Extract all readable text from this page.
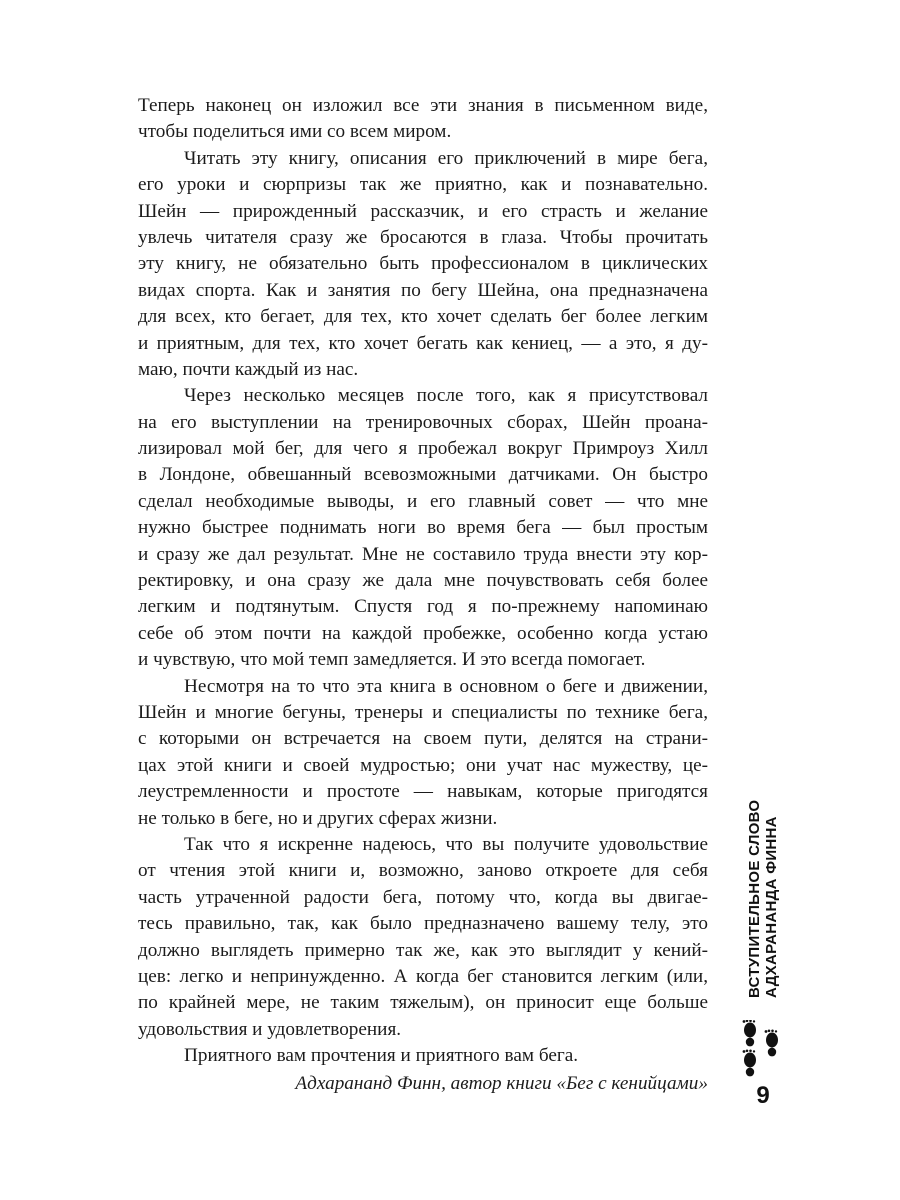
Теперь наконец он изложил все эти знания в письменном виде,
чтобы поделиться ими со всем миром.
Читать эту книгу, описания его приключений в мире бега,
его уроки и сюрпризы так же приятно, как и познавательно.
Шейн — прирожденный рассказчик, и его страсть и желание
увлечь читателя сразу же бросаются в глаза. Чтобы прочитать
эту книгу, не обязательно быть профессионалом в циклических
видах спорта. Как и занятия по бегу Шейна, она предназначена
для всех, кто бегает, для тех, кто хочет сделать бег более легким
и приятным, для тех, кто хочет бегать как кениец, — а это, я ду-
маю, почти каждый из нас.
Через несколько месяцев после того, как я присутствовал
на его выступлении на тренировочных сборах, Шейн проана-
лизировал мой бег, для чего я пробежал вокруг Примроуз Хилл
в Лондоне, обвешанный всевозможными датчиками. Он быстро
сделал необходимые выводы, и его главный совет — что мне
нужно быстрее поднимать ноги во время бега — был простым
и сразу же дал результат. Мне не составило труда внести эту кор-
ректировку, и она сразу же дала мне почувствовать себя более
легким и подтянутым. Спустя год я по-прежнему напоминаю
себе об этом почти на каждой пробежке, особенно когда устаю
и чувствую, что мой темп замедляется. И это всегда помогает.
Несмотря на то что эта книга в основном о беге и движении,
Шейн и многие бегуны, тренеры и специалисты по технике бега,
с которыми он встречается на своем пути, делятся на страни-
цах этой книги и своей мудростью; они учат нас мужеству, це-
леустремленности и простоте — навыкам, которые пригодятся
не только в беге, но и других сферах жизни.
Так что я искренне надеюсь, что вы получите удовольствие
от чтения этой книги и, возможно, заново откроете для себя
часть утраченной радости бега, потому что, когда вы двигае-
тесь правильно, так, как было предназначено вашему телу, это
должно выглядеть примерно так же, как это выглядит у кений-
цев: легко и непринужденно. А когда бег становится легким (или,
по крайней мере, не таким тяжелым), он приносит еще больше
удовольствия и удовлетворения.
Приятного вам прочтения и приятного вам бега.
Адхарананд Финн, автор книги «Бег с кенийцами»
ВСТУПИТЕЛЬНОЕ СЛОВО АДХАРАНАНДА ФИННА
9
